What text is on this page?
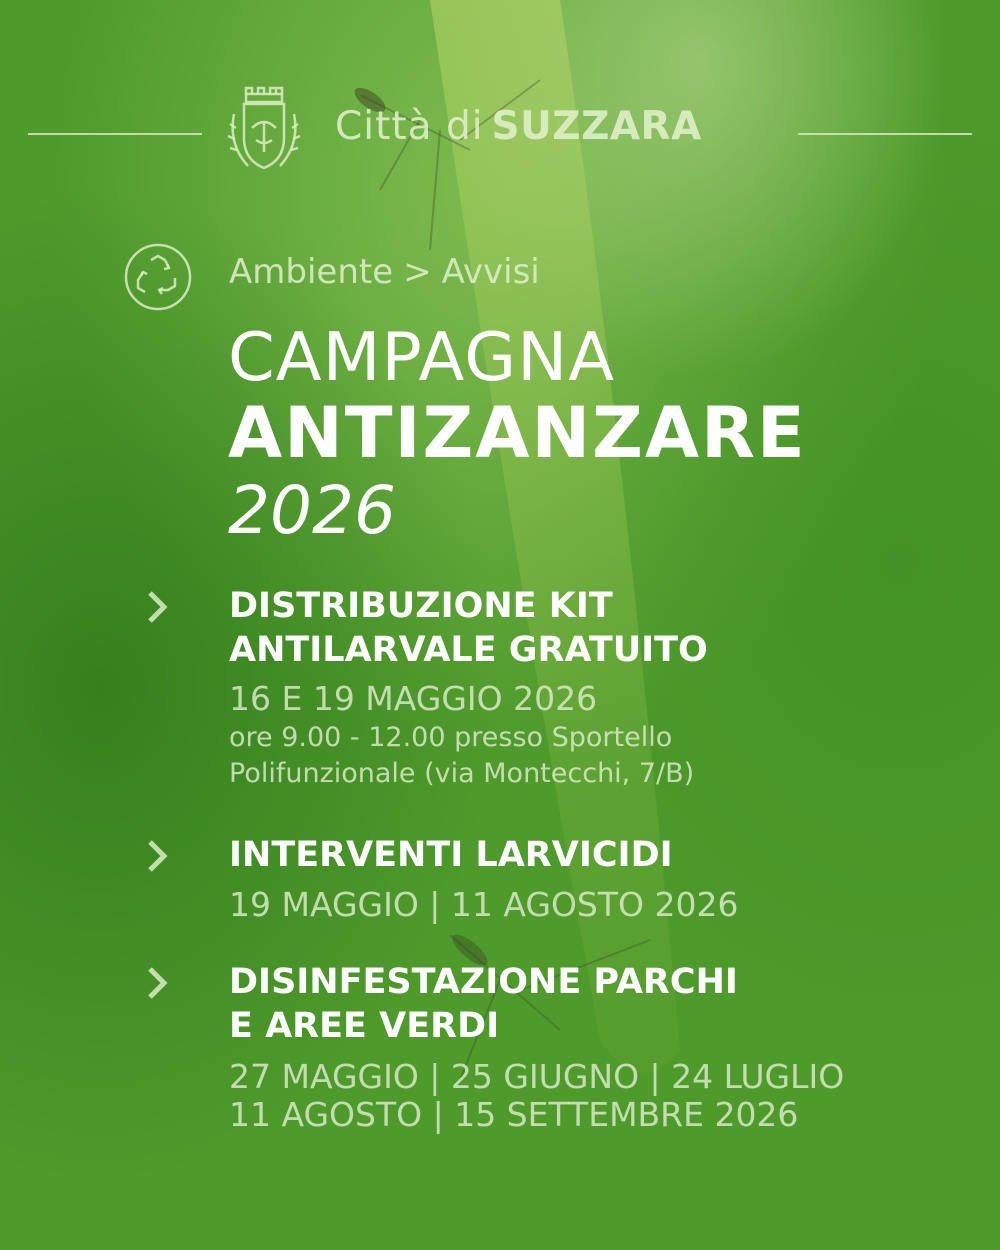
Città di SUZZARA
Ambiente > Avvisi
CAMPAGNA
ANTIZANZARE
2026
DISTRIBUZIONE KIT
ANTILARVALE GRATUITO
16 E 19 MAGGIO 2026
ore 9.00 - 12.00 presso Sportello
Polifunzionale (via Montecchi, 7/B)
INTERVENTI LARVICIDI
19 MAGGIO | 11 AGOSTO 2026
DISINFESTAZIONE PARCHI
E AREE VERDI
27 MAGGIO | 25 GIUGNO | 24 LUGLIO
11 AGOSTO | 15 SETTEMBRE 2026
